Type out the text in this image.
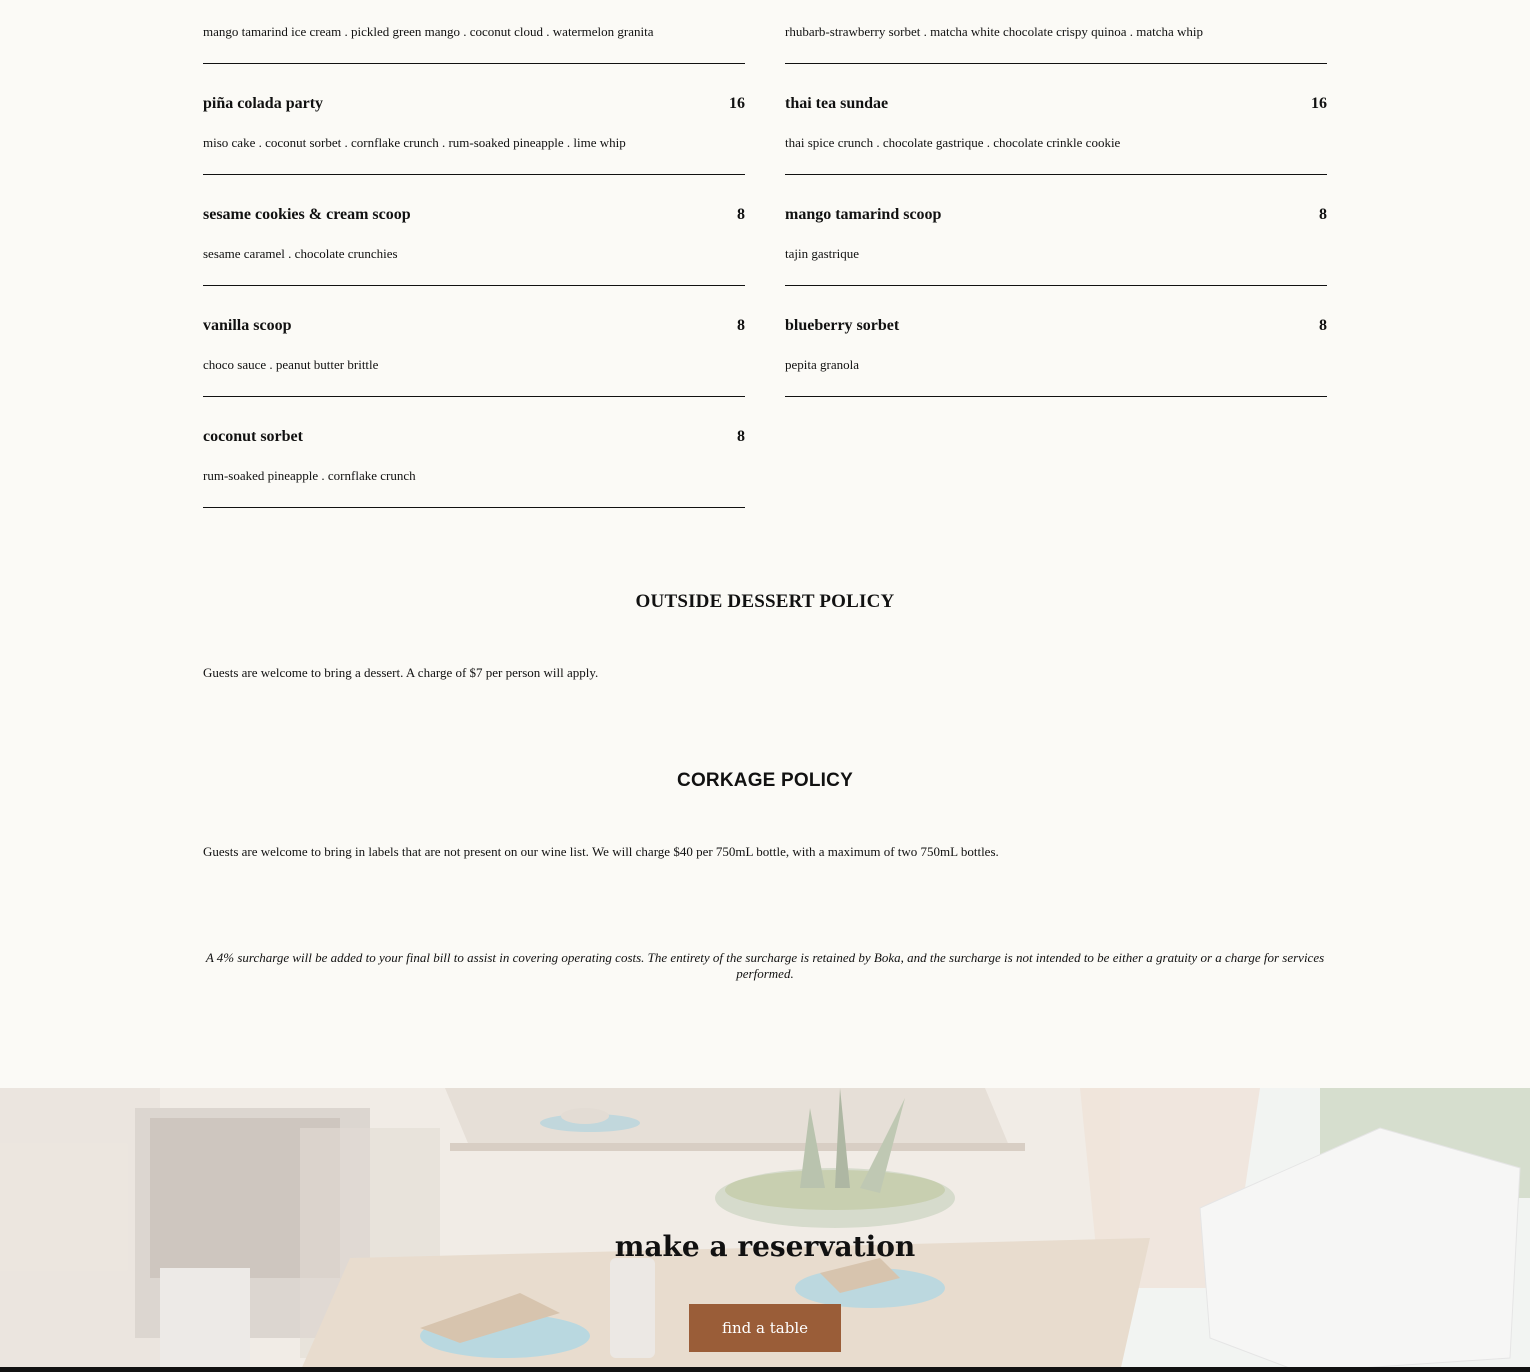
mango tamarind ice cream . pickled green mango . coconut cloud . watermelon granita
piña colada party	16
miso cake . coconut sorbet . cornflake crunch . rum-soaked pineapple . lime whip
sesame cookies & cream scoop	8
sesame caramel . chocolate crunchies
vanilla scoop	8
choco sauce . peanut butter brittle
coconut sorbet	8
rum-soaked pineapple . cornflake crunch
rhubarb-strawberry sorbet . matcha white chocolate crispy quinoa . matcha whip
thai tea sundae	16
thai spice crunch . chocolate gastrique . chocolate crinkle cookie
mango tamarind scoop	8
tajin gastrique
blueberry sorbet	8
pepita granola
OUTSIDE DESSERT POLICY

Guests are welcome to bring a dessert. A charge of $7 per person will apply.

CORKAGE POLICY

Guests are welcome to bring in labels that are not present on our wine list. We will charge $40 per 750mL bottle, with a maximum of two 750mL bottles.

A 4% surcharge will be added to your final bill to assist in covering operating costs. The entirety of the surcharge is retained by Boka, and the surcharge is not intended to be either a gratuity or a charge for services performed.

make a reservation
find a table
